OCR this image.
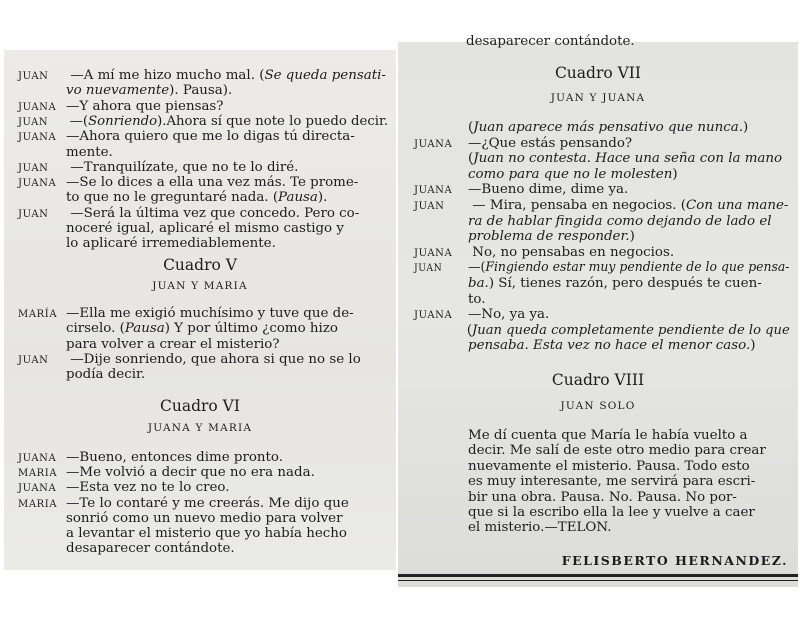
JUAN —A mí me hizo mucho mal. (Se queda pensati-
vo nuevamente). Pausa).
JUANA —Y ahora que piensas?
JUAN —(Sonriendo).Ahora sí que note lo puedo decir.
JUANA —Ahora quiero que me lo digas tú directa-
mente.
JUAN —Tranquilízate, que no te lo diré.
JUANA —Se lo dices a ella una vez más. Te prome-
to que no le greguntaré nada. (Pausa).
JUAN —Será la última vez que concedo. Pero co-
noceré igual, aplicaré el mismo castigo y
lo aplicaré irremediablemente.
Cuadro V
JUAN Y MARIA
MARÍA —Ella me exigió muchísimo y tuve que de-
cirselo. (Pausa) Y por último ¿como hizo
para volver a crear el misterio?
JUAN —Dije sonriendo, que ahora si que no se lo
podía decir.
Cuadro VI
JUANA Y MARIA
JUANA —Bueno, entonces dime pronto.
MARIA —Me volvió a decir que no era nada.
JUANA —Esta vez no te lo creo.
MARIA —Te lo contaré y me creerás. Me dijo que
sonrió como un nuevo medio para volver
a levantar el misterio que yo había hecho
desaparecer contándote.
desaparecer contándote.
Cuadro VII
JUAN Y JUANA
(Juan aparece más pensativo que nunca.)
JUANA —¿Que estás pensando?
(Juan no contesta. Hace una seña con la mano
como para que no le molesten)
JUANA —Bueno dime, dime ya.
JUAN — Mira, pensaba en negocios. (Con una mane-
ra de hablar fingida como dejando de lado el
problema de responder.)
JUANA No, no pensabas en negocios.
JUAN —(Fingiendo estar muy pendiente de lo que pensa-
ba.) Sí, tienes razón, pero después te cuen-
to.
JUANA —No, ya ya.
(Juan queda completamente pendiente de lo que
pensaba. Esta vez no hace el menor caso.)
Cuadro VIII
JUAN SOLO
Me dí cuenta que María le había vuelto a
decir. Me salí de este otro medio para crear
nuevamente el misterio. Pausa. Todo esto
es muy interesante, me servirá para escri-
bir una obra. Pausa. No. Pausa. No por-
que si la escribo ella la lee y vuelve a caer
el misterio.—TELON.
FELISBERTO HERNANDEZ.
